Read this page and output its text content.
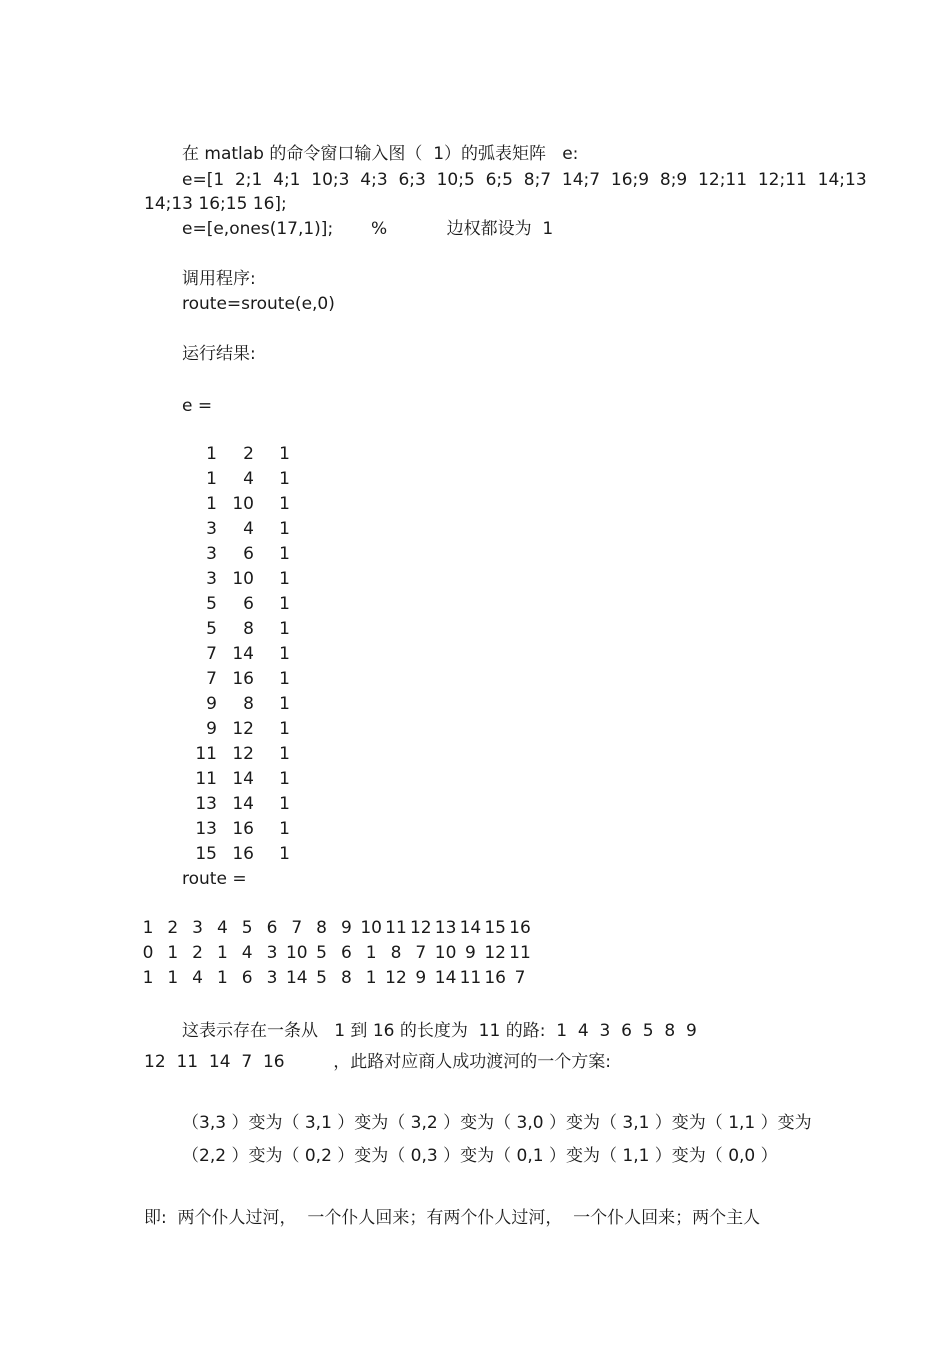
在 matlab 的命令窗口输入图（  1）的弧表矩阵   e:
e=[1  2;1  4;1  10;3  4;3  6;3  10;5  6;5  8;7  14;7  16;9  8;9  12;11  12;11  14;13
14;13 16;15 16];
e=[e,ones(17,1)];       %           边权都设为  1
调用程序:
route=sroute(e,0)
运行结果:
e =
1	2	1
1	4	1
1 10	1
3	4	1
3	6	1
3 10	1
5	6	1
5	8	1
7 14	1
7 16	1
9	8	1
9 12	1
11 12	1
11 14	1
13 14	1
13 16	1
15 16	1
route =
1 2 3 4 5 6 7 8 9 10 11 12 13 14 15 16
0 1 2 1 4 3 10 5 6 1 8 7 10 9 12 11
1 1 4 1 6 3 14 5 8 1 12 9 14 11 16 7
这表示存在一条从   1 到 16 的长度为  11 的路:  1  4  3  6  5  8  9
12  11  14  7  16         ，此路对应商人成功渡河的一个方案:
（3,3 ）变为（ 3,1 ）变为（ 3,2 ）变为（ 3,0 ）变为（ 3,1 ）变为（ 1,1 ）变为
（2,2 ）变为（ 0,2 ）变为（ 0,3 ）变为（ 0,1 ）变为（ 1,1 ）变为（ 0,0 ）
即:  两个仆人过河，  一个仆人回来；有两个仆人过河，  一个仆人回来；两个主人
